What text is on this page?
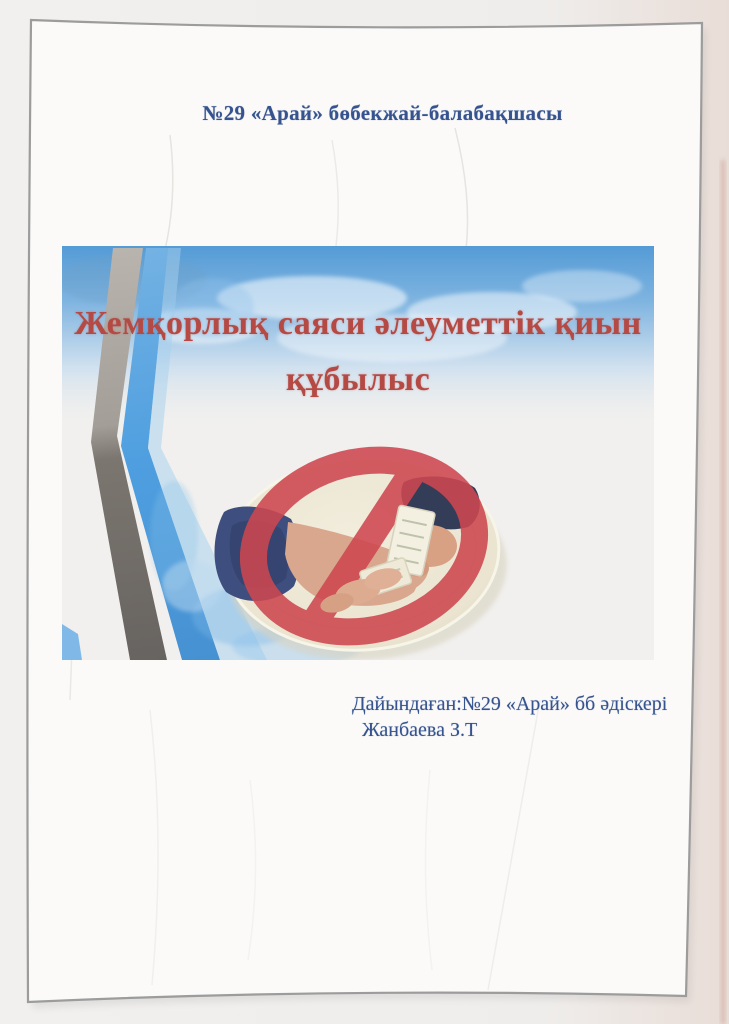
№29 «Арай» бөбекжай-балабақшасы
Жемқорлық саяси әлеуметтік қиын
құбылыс
Дайындаған:№29 «Арай» бб әдіскері
Жанбаева З.Т
